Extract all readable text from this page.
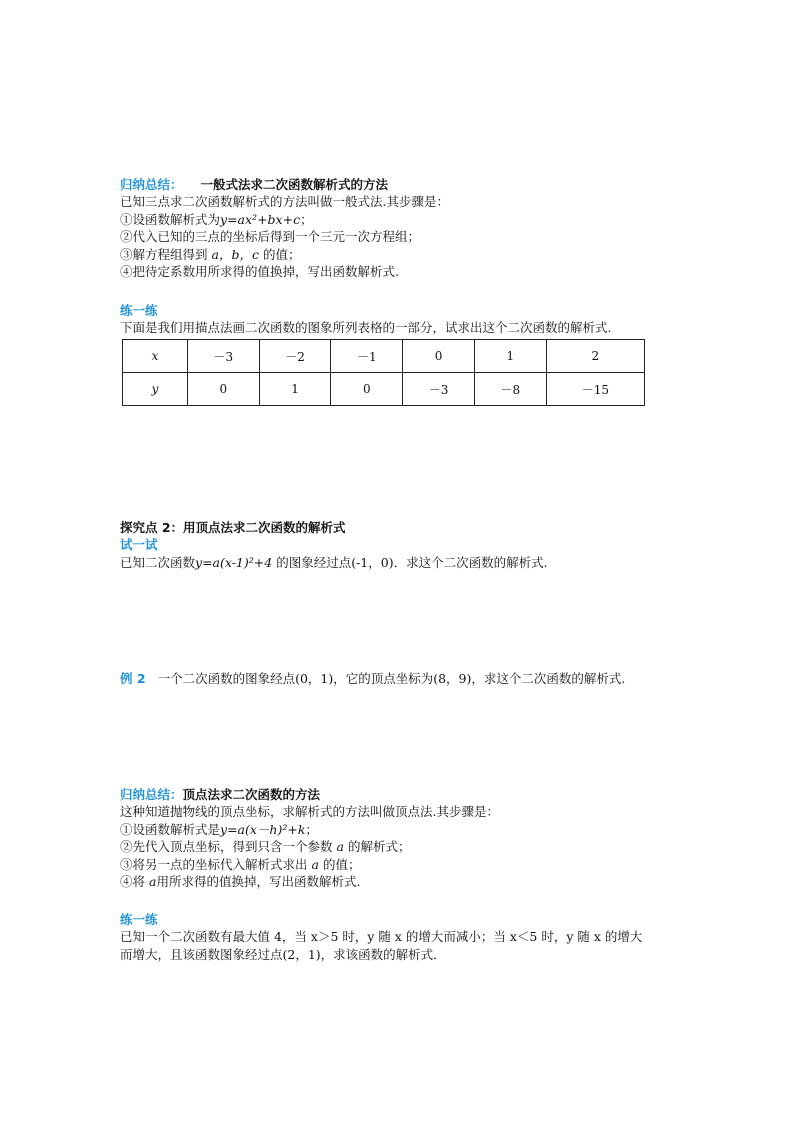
归纳总结： 一般式法求二次函数解析式的方法
已知三点求二次函数解析式的方法叫做一般式法.其步骤是：
①设函数解析式为y=ax²+bx+c；
②代入已知的三点的坐标后得到一个三元一次方程组；
③解方程组得到 a，b，c 的值；
④把待定系数用所求得的值换掉，写出函数解析式.
练一练
下面是我们用描点法画二次函数的图象所列表格的一部分，试求出这个二次函数的解析式.
x	－3	－2	－1	0	1	2
y	0	1	0	－3	－8	－15
探究点 2：用顶点法求二次函数的解析式
试一试
已知二次函数y=a(x-1)²+4 的图象经过点(-1，0)．求这个二次函数的解析式.
例 2 一个二次函数的图象经点(0，1)，它的顶点坐标为(8，9)，求这个二次函数的解析式.
归纳总结：顶点法求二次函数的方法
这种知道抛物线的顶点坐标，求解析式的方法叫做顶点法.其步骤是：
①设函数解析式是y=a(x－h)²+k；
②先代入顶点坐标，得到只含一个参数 a 的解析式；
③将另一点的坐标代入解析式求出 a 的值；
④将 a用所求得的值换掉，写出函数解析式.
练一练
已知一个二次函数有最大值 4，当 x＞5 时，y 随 x 的增大而减小；当 x＜5 时，y 随 x 的增大
而增大，且该函数图象经过点(2，1)，求该函数的解析式．
